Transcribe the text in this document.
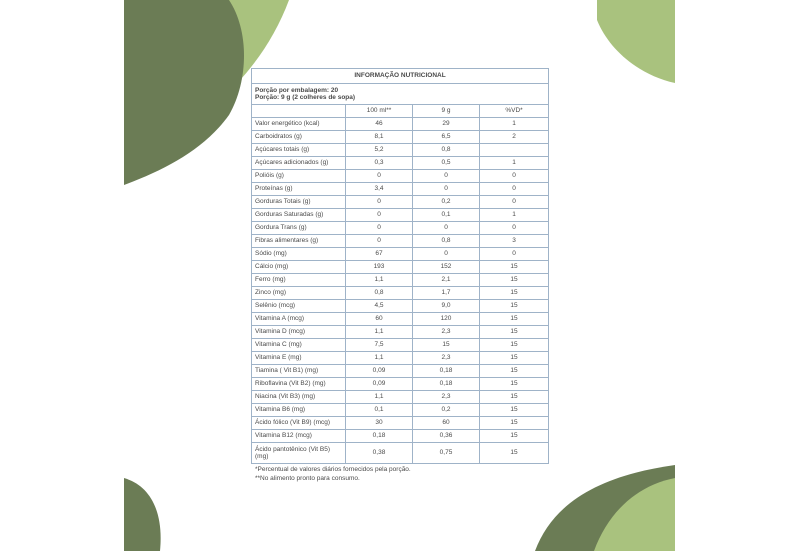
INFORMAÇÃO NUTRICIONAL			

Porção por embalagem: 20
Porção: 9 g (2 colheres de sopa)			

	100 ml**	9 g	%VD*
Valor energético (kcal)	46	29	1
Carboidratos (g)	8,1	6,5	2
Açúcares totais (g)	5,2	0,8	
Açúcares adicionados (g)	0,3	0,5	1
Polióis (g)	0	0	0
Proteínas (g)	3,4	0	0
Gorduras Totais (g)	0	0,2	0
Gorduras Saturadas (g)	0	0,1	1
Gordura Trans (g)	0	0	0
Fibras alimentares (g)	0	0,8	3
Sódio (mg)	67	0	0
Cálcio (mg)	193	152	15
Ferro (mg)	1,1	2,1	15
Zinco (mg)	0,8	1,7	15
Selênio (mcg)	4,5	9,0	15
Vitamina A (mcg)	60	120	15
Vitamina D (mcg)	1,1	2,3	15
Vitamina C (mg)	7,5	15	15
Vitamina E (mg)	1,1	2,3	15
Tiamina ( Vit B1) (mg)	0,09	0,18	15
Riboflavina (Vit B2) (mg)	0,09	0,18	15
Niacina (Vit B3) (mg)	1,1	2,3	15
Vitamina B6 (mg)	0,1	0,2	15
Ácido fólico (Vit B9) (mcg)	30	60	15
Vitamina B12 (mcg)	0,18	0,36	15
Ácido pantotênico (Vit B5) (mg)	0,38	0,75	15
*Percentual de valores diários fornecidos pela porção.
**No alimento pronto para consumo.
